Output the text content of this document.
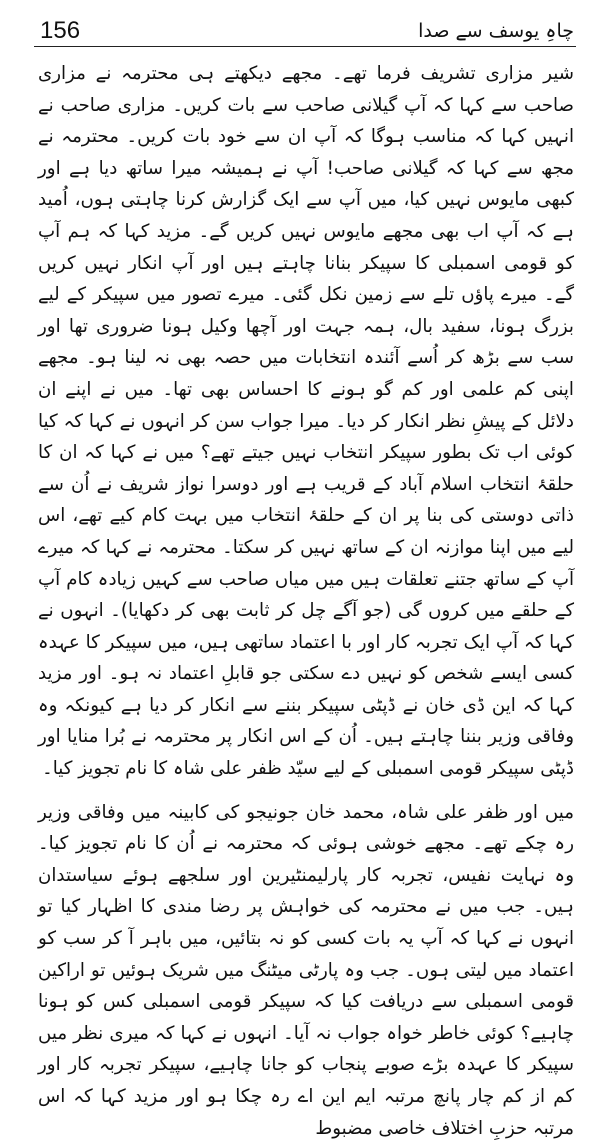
156	چاہِ یوسف سے صدا

شیر مزاری تشریف فرما تھے۔ مجھے دیکھتے ہی محترمہ نے مزاری صاحب سے کہا کہ آپ گیلانی صاحب سے بات کریں۔ مزاری صاحب نے انہیں کہا کہ مناسب ہوگا کہ آپ ان سے خود بات کریں۔ محترمہ نے مجھ سے کہا کہ گیلانی صاحب! آپ نے ہمیشہ میرا ساتھ دیا ہے اور کبھی مایوس نہیں کیا، میں آپ سے ایک گزارش کرنا چاہتی ہوں، اُمید ہے کہ آپ اب بھی مجھے مایوس نہیں کریں گے۔ مزید کہا کہ ہم آپ کو قومی اسمبلی کا سپیکر بنانا چاہتے ہیں اور آپ انکار نہیں کریں گے۔ میرے پاؤں تلے سے زمین نکل گئی۔ میرے تصور میں سپیکر کے لیے بزرگ ہونا، سفید بال، ہمہ جہت اور آچھا وکیل ہونا ضروری تھا اور سب سے بڑھ کر اُسے آئندہ انتخابات میں حصہ بھی نہ لینا ہو۔ مجھے اپنی کم علمی اور کم گو ہونے کا احساس بھی تھا۔ میں نے اپنے ان دلائل کے پیشِ نظر انکار کر دیا۔ میرا جواب سن کر انہوں نے کہا کہ کیا کوئی اب تک بطور سپیکر انتخاب نہیں جیتے تھے؟ میں نے کہا کہ ان کا حلقۂ انتخاب اسلام آباد کے قریب ہے اور دوسرا نواز شریف نے اُن سے ذاتی دوستی کی بنا پر ان کے حلقۂ انتخاب میں بہت کام کیے تھے، اس لیے میں اپنا موازنہ ان کے ساتھ نہیں کر سکتا۔ محترمہ نے کہا کہ میرے آپ کے ساتھ جتنے تعلقات ہیں میں میاں صاحب سے کہیں زیادہ کام آپ کے حلقے میں کروں گی (جو آگے چل کر ثابت بھی کر دکھایا)۔ انہوں نے کہا کہ آپ ایک تجربہ کار اور با اعتماد ساتھی ہیں، میں سپیکر کا عہدہ کسی ایسے شخص کو نہیں دے سکتی جو قابلِ اعتماد نہ ہو۔ اور مزید کہا کہ این ڈی خان نے ڈپٹی سپیکر بننے سے انکار کر دیا ہے کیونکہ وہ وفاقی وزیر بننا چاہتے ہیں۔ اُن کے اس انکار پر محترمہ نے بُرا منایا اور ڈپٹی سپیکر قومی اسمبلی کے لیے سیّد ظفر علی شاہ کا نام تجویز کیا۔

میں اور ظفر علی شاہ، محمد خان جونیجو کی کابینہ میں وفاقی وزیر رہ چکے تھے۔ مجھے خوشی ہوئی کہ محترمہ نے اُن کا نام تجویز کیا۔ وہ نہایت نفیس، تجربہ کار پارلیمنٹیرین اور سلجھے ہوئے سیاستدان ہیں۔ جب میں نے محترمہ کی خواہش پر رضا مندی کا اظہار کیا تو انہوں نے کہا کہ آپ یہ بات کسی کو نہ بتائیں، میں باہر آ کر سب کو اعتماد میں لیتی ہوں۔ جب وہ پارٹی میٹنگ میں شریک ہوئیں تو اراکین قومی اسمبلی سے دریافت کیا کہ سپیکر قومی اسمبلی کس کو ہونا چاہیے؟ کوئی خاطر خواہ جواب نہ آیا۔ انہوں نے کہا کہ میری نظر میں سپیکر کا عہدہ بڑے صوبے پنجاب کو جانا چاہیے، سپیکر تجربہ کار اور کم از کم چار پانچ مرتبہ ایم این اے رہ چکا ہو اور مزید کہا کہ اس مرتبہ حزبِ اختلاف خاصی مضبوط
